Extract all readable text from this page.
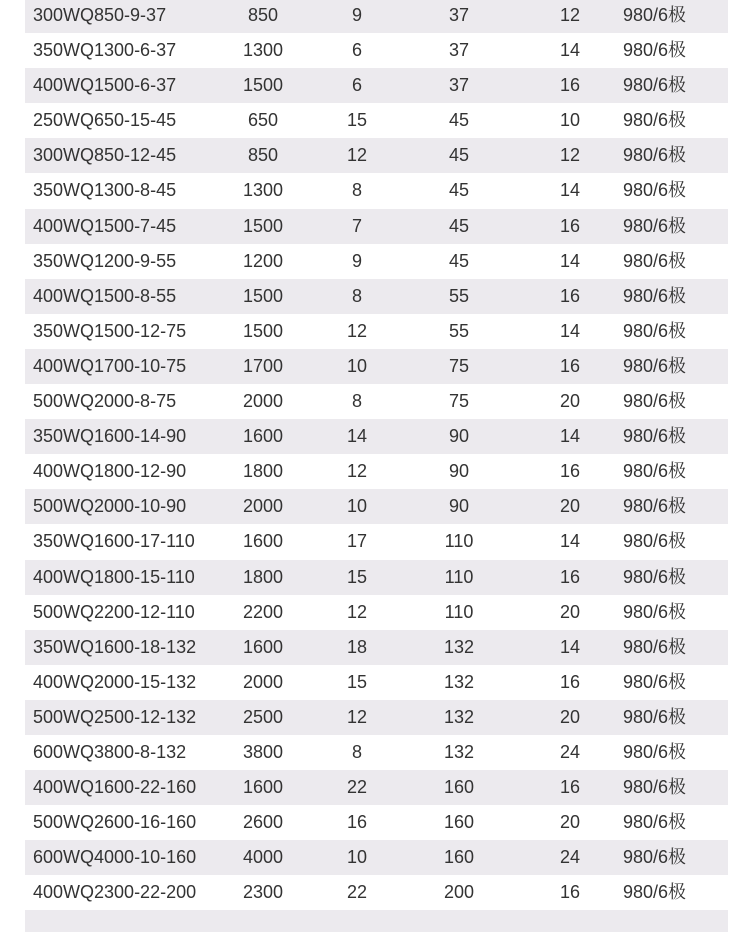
300WQ850-9-37	850	9	37	12	980/6极
350WQ1300-6-37	1300	6	37	14	980/6极
400WQ1500-6-37	1500	6	37	16	980/6极
250WQ650-15-45	650	15	45	10	980/6极
300WQ850-12-45	850	12	45	12	980/6极
350WQ1300-8-45	1300	8	45	14	980/6极
400WQ1500-7-45	1500	7	45	16	980/6极
350WQ1200-9-55	1200	9	45	14	980/6极
400WQ1500-8-55	1500	8	55	16	980/6极
350WQ1500-12-75	1500	12	55	14	980/6极
400WQ1700-10-75	1700	10	75	16	980/6极
500WQ2000-8-75	2000	8	75	20	980/6极
350WQ1600-14-90	1600	14	90	14	980/6极
400WQ1800-12-90	1800	12	90	16	980/6极
500WQ2000-10-90	2000	10	90	20	980/6极
350WQ1600-17-110	1600	17	110	14	980/6极
400WQ1800-15-110	1800	15	110	16	980/6极
500WQ2200-12-110	2200	12	110	20	980/6极
350WQ1600-18-132	1600	18	132	14	980/6极
400WQ2000-15-132	2000	15	132	16	980/6极
500WQ2500-12-132	2500	12	132	20	980/6极
600WQ3800-8-132	3800	8	132	24	980/6极
400WQ1600-22-160	1600	22	160	16	980/6极
500WQ2600-16-160	2600	16	160	20	980/6极
600WQ4000-10-160	4000	10	160	24	980/6极
400WQ2300-22-200	2300	22	200	16	980/6极
